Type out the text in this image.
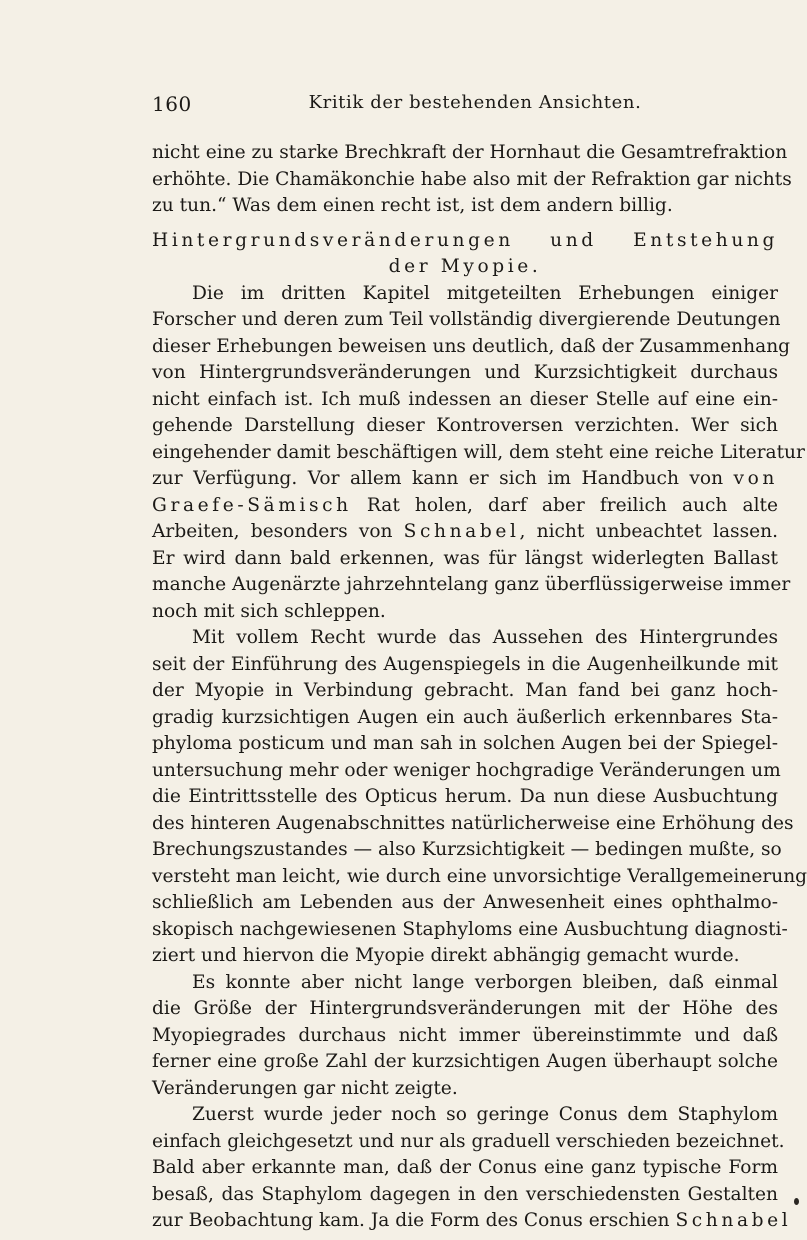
160	Kritik der bestehenden Ansichten.
nicht eine zu starke Brechkraft der Hornhaut die Gesamtrefraktion
erhöhte. Die Chamäkonchie habe also mit der Refraktion gar nichts
zu tun.“ Was dem einen recht ist, ist dem andern billig.
Hintergrundsveränderungen und Entstehung
der Myopie.
Die im dritten Kapitel mitgeteilten Erhebungen einiger
Forscher und deren zum Teil vollständig divergierende Deutungen
dieser Erhebungen beweisen uns deutlich, daß der Zusammenhang
von Hintergrundsveränderungen und Kurzsichtigkeit durchaus
nicht einfach ist. Ich muß indessen an dieser Stelle auf eine ein-
gehende Darstellung dieser Kontroversen verzichten. Wer sich
eingehender damit beschäftigen will, dem steht eine reiche Literatur
zur Verfügung. Vor allem kann er sich im Handbuch von von
Graefe-Sämisch Rat holen, darf aber freilich auch alte
Arbeiten, besonders von Schnabel, nicht unbeachtet lassen.
Er wird dann bald erkennen, was für längst widerlegten Ballast
manche Augenärzte jahrzehntelang ganz überflüssigerweise immer
noch mit sich schleppen.
Mit vollem Recht wurde das Aussehen des Hintergrundes
seit der Einführung des Augenspiegels in die Augenheilkunde mit
der Myopie in Verbindung gebracht. Man fand bei ganz hoch-
gradig kurzsichtigen Augen ein auch äußerlich erkennbares Sta-
phyloma posticum und man sah in solchen Augen bei der Spiegel-
untersuchung mehr oder weniger hochgradige Veränderungen um
die Eintrittsstelle des Opticus herum. Da nun diese Ausbuchtung
des hinteren Augenabschnittes natürlicherweise eine Erhöhung des
Brechungszustandes — also Kurzsichtigkeit — bedingen mußte, so
versteht man leicht, wie durch eine unvorsichtige Verallgemeinerung
schließlich am Lebenden aus der Anwesenheit eines ophthalmo-
skopisch nachgewiesenen Staphyloms eine Ausbuchtung diagnosti-
ziert und hiervon die Myopie direkt abhängig gemacht wurde.
Es konnte aber nicht lange verborgen bleiben, daß einmal
die Größe der Hintergrundsveränderungen mit der Höhe des
Myopiegrades durchaus nicht immer übereinstimmte und daß
ferner eine große Zahl der kurzsichtigen Augen überhaupt solche
Veränderungen gar nicht zeigte.
Zuerst wurde jeder noch so geringe Conus dem Staphylom
einfach gleichgesetzt und nur als graduell verschieden bezeichnet.
Bald aber erkannte man, daß der Conus eine ganz typische Form
besaß, das Staphylom dagegen in den verschiedensten Gestalten
zur Beobachtung kam. Ja die Form des Conus erschien Schnabel
